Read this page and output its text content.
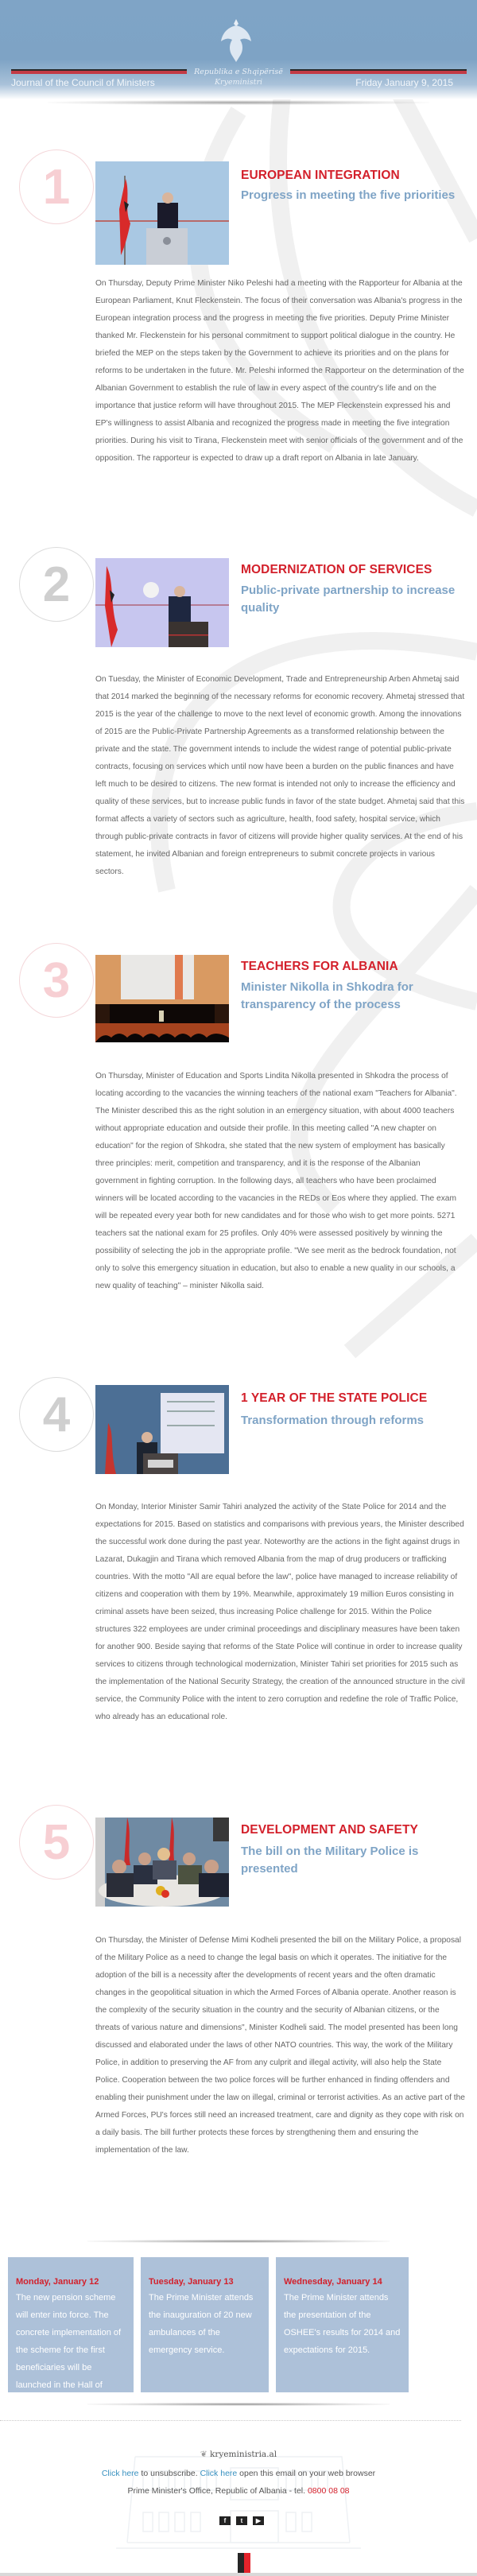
Republika e Shqipërisë
Kryeministri
Journal of the Council of Ministers	Friday January 9, 2015
1	EUROPEAN INTEGRATION
Progress in meeting the five priorities
On Thursday, Deputy Prime Minister Niko Peleshi had a meeting with the Rapporteur for Albania at the European Parliament, Knut Fleckenstein. The focus of their conversation was Albania's progress in the European integration process and the progress in meeting the five priorities. Deputy Prime Minister thanked Mr. Fleckenstein for his personal commitment to support political dialogue in the country. He briefed the MEP on the steps taken by the Government to achieve its priorities and on the plans for reforms to be undertaken in the future. Mr. Peleshi informed the Rapporteur on the determination of the Albanian Government to establish the rule of law in every aspect of the country's life and on the importance that justice reform will have throughout 2015. The MEP Fleckenstein expressed his and EP's willingness to assist Albania and recognized the progress made in meeting the five integration priorities. During his visit to Tirana, Fleckenstein meet with senior officials of the government and of the opposition. The rapporteur is expected to draw up a draft report on Albania in late January.
2	MODERNIZATION OF SERVICES
Public-private partnership to increase quality
On Tuesday, the Minister of Economic Development, Trade and Entrepreneurship Arben Ahmetaj said that 2014 marked the beginning of the necessary reforms for economic recovery. Ahmetaj stressed that 2015 is the year of the challenge to move to the next level of economic growth. Among the innovations of 2015 are the Public-Private Partnership Agreements as a transformed relationship between the private and the state. The government intends to include the widest range of potential public-private contracts, focusing on services which until now have been a burden on the public finances and have left much to be desired to citizens. The new format is intended not only to increase the efficiency and quality of these services, but to increase public funds in favor of the state budget. Ahmetaj said that this format affects a variety of sectors such as agriculture, health, food safety, hospital service, which through public-private contracts in favor of citizens will provide higher quality services. At the end of his statement, he invited Albanian and foreign entrepreneurs to submit concrete projects in various sectors.
3	TEACHERS FOR ALBANIA
Minister Nikolla in Shkodra for transparency of the process
On Thursday, Minister of Education and Sports Lindita Nikolla presented in Shkodra the process of locating according to the vacancies the winning teachers of the national exam "Teachers for Albania". The Minister described this as the right solution in an emergency situation, with about 4000 teachers without appropriate education and outside their profile. In this meeting called "A new chapter on education" for the region of Shkodra, she stated that the new system of employment has basically three principles: merit, competition and transparency, and it is the response of the Albanian government in fighting corruption. In the following days, all teachers who have been proclaimed winners will be located according to the vacancies in the REDs or Eos where they applied. The exam will be repeated every year both for new candidates and for those who wish to get more points. 5271 teachers sat the national exam for 25 profiles. Only 40% were assessed positively by winning the possibility of selecting the job in the appropriate profile. "We see merit as the bedrock foundation, not only to solve this emergency situation in education, but also to enable a new quality in our schools, a new quality of teaching" – minister Nikolla said.
4	1 YEAR OF THE STATE POLICE
Transformation through reforms
On Monday, Interior Minister Samir Tahiri analyzed the activity of the State Police for 2014 and the expectations for 2015. Based on statistics and comparisons with previous years, the Minister described the successful work done during the past year. Noteworthy are the actions in the fight against drugs in Lazarat, Dukagjin and Tirana which removed Albania from the map of drug producers or trafficking countries. With the motto "All are equal before the law", police have managed to increase reliability of citizens and cooperation with them by 19%. Meanwhile, approximately 19 million Euros consisting in criminal assets have been seized, thus increasing Police challenge for 2015. Within the Police structures 322 employees are under criminal proceedings and disciplinary measures have been taken for another 900. Beside saying that reforms of the State Police will continue in order to increase quality services to citizens through technological modernization, Minister Tahiri set priorities for 2015 such as the implementation of the National Security Strategy, the creation of the announced structure in the civil service, the Community Police with the intent to zero corruption and redefine the role of Traffic Police, who already has an educational role.
5	DEVELOPMENT AND SAFETY
The bill on the Military Police is presented
On Thursday, the Minister of Defense Mimi Kodheli presented the bill on the Military Police, a proposal of the Military Police as a need to change the legal basis on which it operates. The initiative for the adoption of the bill is a necessity after the developments of recent years and the often dramatic changes in the geopolitical situation in which the Armed Forces of Albania operate. Another reason is the complexity of the security situation in the country and the security of Albanian citizens, or the threats of various nature and dimensions", Minister Kodheli said. The model presented has been long discussed and elaborated under the laws of other NATO countries. This way, the work of the Military Police, in addition to preserving the AF from any culprit and illegal activity, will also help the State Police. Cooperation between the two police forces will be further enhanced in finding offenders and enabling their punishment under the law on illegal, criminal or terrorist activities. As an active part of the Armed Forces, PU's forces still need an increased treatment, care and dignity as they cope with risk on a daily basis. The bill further protects these forces by strengthening them and ensuring the implementation of the law.
Monday, January 12
The new pension scheme will enter into force. The concrete implementation of the scheme for the first beneficiaries will be launched in the Hall of Maps.
Tuesday, January 13
The Prime Minister attends the inauguration of 20 new ambulances of the emergency service.
Wednesday, January 14
The Prime Minister attends the presentation of the OSHEE's results for 2014 and expectations for 2015.
❦ kryeministria.al
Click here to unsubscribe. Click here open this email on your web browser
Prime Minister's Office, Republic of Albania - tel. 0800 08 08
f	t	▶
